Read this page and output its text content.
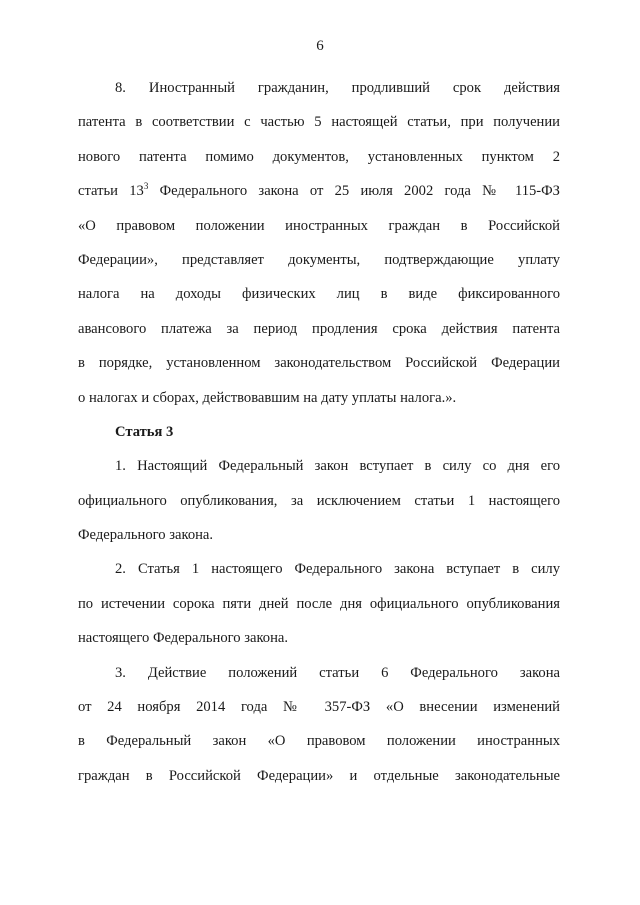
6
8. Иностранный гражданин, продливший срок действия
патента в соответствии с частью 5 настоящей статьи, при получении
нового патента помимо документов, установленных пунктом 2
статьи $13^3$ Федерального закона от 25 июля 2002 года № 115-ФЗ
«О правовом положении иностранных граждан в Российской
Федерации», представляет документы, подтверждающие уплату
налога на доходы физических лиц в виде фиксированного
авансового платежа за период продления срока действия патента
в порядке, установленном законодательством Российской Федерации
о налогах и сборах, действовавшим на дату уплаты налога.».
Статья 3
1. Настоящий Федеральный закон вступает в силу со дня его
официального опубликования, за исключением статьи 1 настоящего
Федерального закона.
2. Статья 1 настоящего Федерального закона вступает в силу
по истечении сорока пяти дней после дня официального опубликования
настоящего Федерального закона.
3. Действие положений статьи 6 Федерального закона
от 24 ноября 2014 года № 357-ФЗ «О внесении изменений
в Федеральный закон «О правовом положении иностранных
граждан в Российской Федерации» и отдельные законодательные
